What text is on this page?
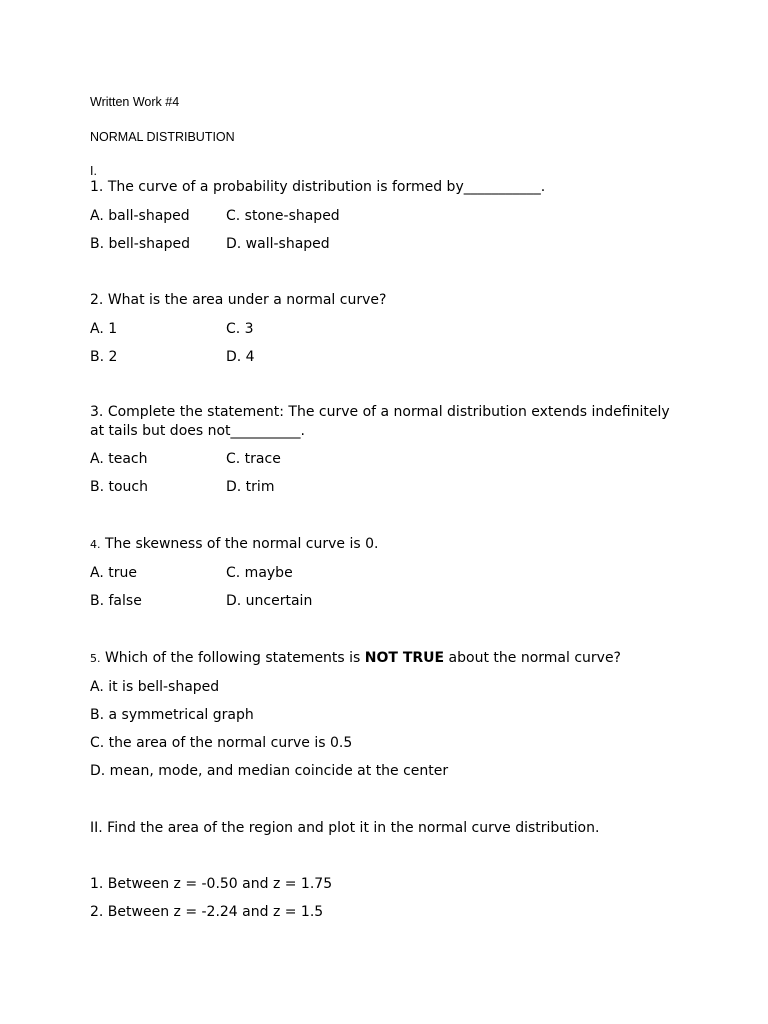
Written Work #4
NORMAL DISTRIBUTION
I.
1. The curve of a probability distribution is formed by___________.
A. ball-shaped	C. stone-shaped
B. bell-shaped	D. wall-shaped
2. What is the area under a normal curve?
A. 1	C. 3
B. 2	D. 4
3. Complete the statement: The curve of a normal distribution extends indefinitely
at tails but does not__________.
A. teach	C. trace
B. touch	D. trim
4. The skewness of the normal curve is 0.
A. true	C. maybe
B. false	D. uncertain
5. Which of the following statements is NOT TRUE about the normal curve?
A. it is bell-shaped
B. a symmetrical graph
C. the area of the normal curve is 0.5
D. mean, mode, and median coincide at the center
II. Find the area of the region and plot it in the normal curve distribution.
1. Between z = -0.50 and z = 1.75
2. Between z = -2.24 and z = 1.5
